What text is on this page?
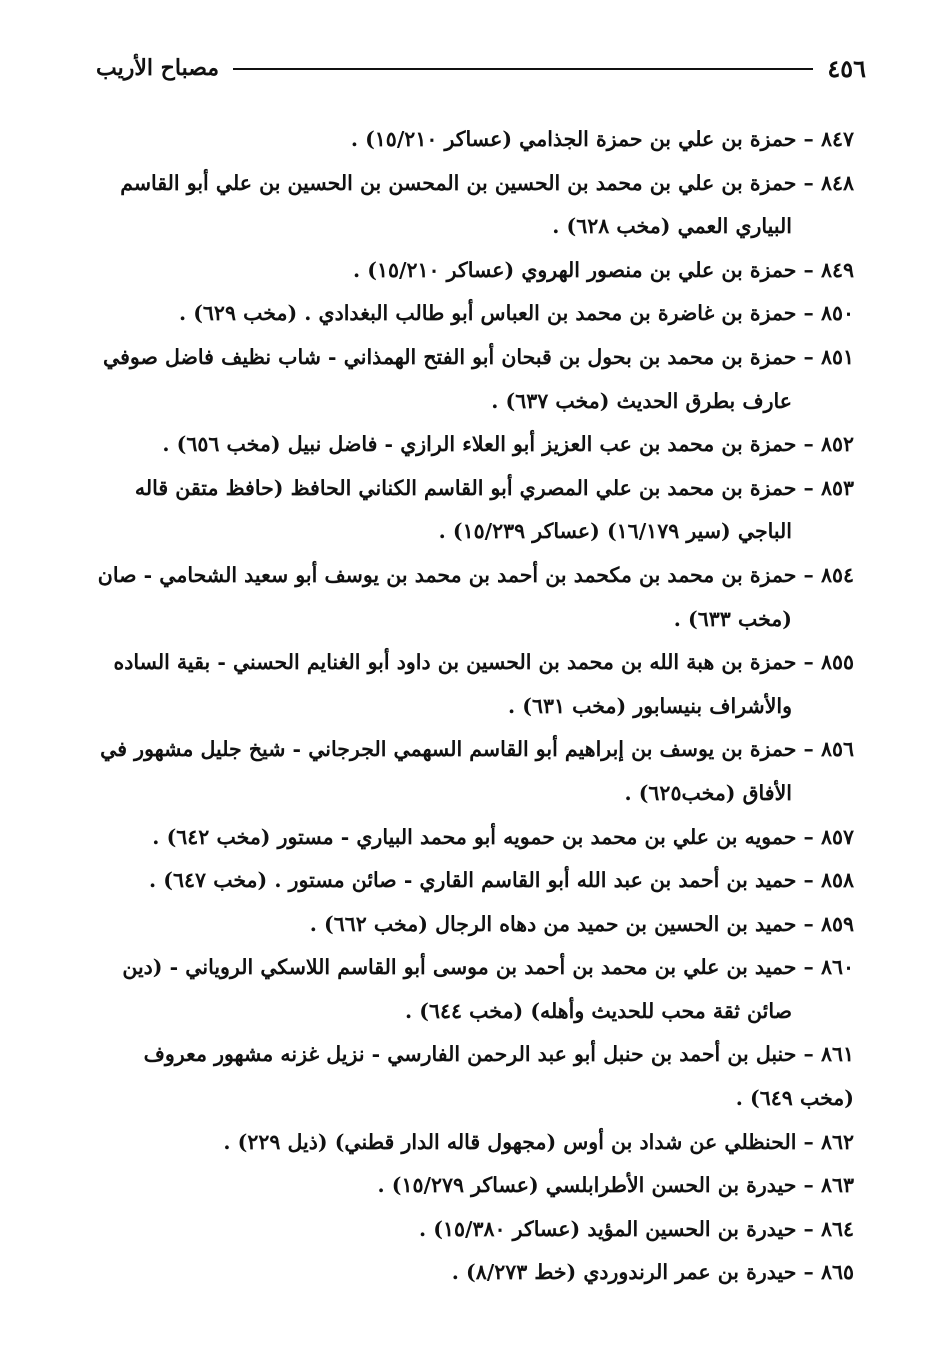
٤٥٦
مصباح الأريب
٨٤٧ – حمزة بن علي بن حمزة الجذامي (عساكر ١٥/٢١٠) .
٨٤٨ – حمزة بن علي بن محمد بن الحسين بن المحسن بن الحسين بن علي أبو القاسم البياري العمي (مخب ٦٢٨) .
٨٤٩ – حمزة بن علي بن منصور الهروي (عساكر ١٥/٢١٠) .
٨٥٠ – حمزة بن غاضرة بن محمد بن العباس أبو طالب البغدادي . (مخب ٦٢٩) .
٨٥١ – حمزة بن محمد بن بحول بن قبحان أبو الفتح الهمذاني - شاب نظيف فاضل صوفي عارف بطرق الحديث (مخب ٦٣٧) .
٨٥٢ – حمزة بن محمد بن عب العزيز أبو العلاء الرازي - فاضل نبيل (مخب ٦٥٦) .
٨٥٣ – حمزة بن محمد بن علي المصري أبو القاسم الكناني الحافظ (حافظ متقن قاله الباجي (سير ١٦/١٧٩) (عساكر ١٥/٢٣٩) .
٨٥٤ – حمزة بن محمد بن مكحمد بن أحمد بن محمد بن يوسف أبو سعيد الشحامي - صان (مخب ٦٣٣) .
٨٥٥ – حمزة بن هبة الله بن محمد بن الحسين بن داود أبو الغنايم الحسني - بقية الساده والأشراف بنيسابور (مخب ٦٣١) .
٨٥٦ – حمزة بن يوسف بن إبراهيم أبو القاسم السهمي الجرجاني - شيخ جليل مشهور في الأفاق (مخب٦٢٥) .
٨٥٧ – حمويه بن علي بن محمد بن حمويه أبو محمد البياري - مستور (مخب ٦٤٢) .
٨٥٨ – حميد بن أحمد بن عبد الله أبو القاسم القاري - صائن مستور . (مخب ٦٤٧) .
٨٥٩ – حميد بن الحسين بن حميد من دهاه الرجال (مخب ٦٦٢) .
٨٦٠ – حميد بن علي بن محمد بن أحمد بن موسى أبو القاسم اللاسكي الروياني - (دين صائن ثقة محب للحديث وأهله) (مخب ٦٤٤) .
٨٦١ – حنبل بن أحمد بن حنبل أبو عبد الرحمن الفارسي - نزيل غزنه مشهور معروف (مخب ٦٤٩) .
٨٦٢ – الحنظلي عن شداد بن أوس (مجهول قاله الدار قطني) (ذيل ٢٢٩) .
٨٦٣ – حيدرة بن الحسن الأطرابلسي (عساكر ١٥/٢٧٩) .
٨٦٤ – حيدرة بن الحسين المؤيد (عساكر ١٥/٣٨٠) .
٨٦٥ – حيدرة بن عمر الرندوردي (خط ٨/٢٧٣) .
